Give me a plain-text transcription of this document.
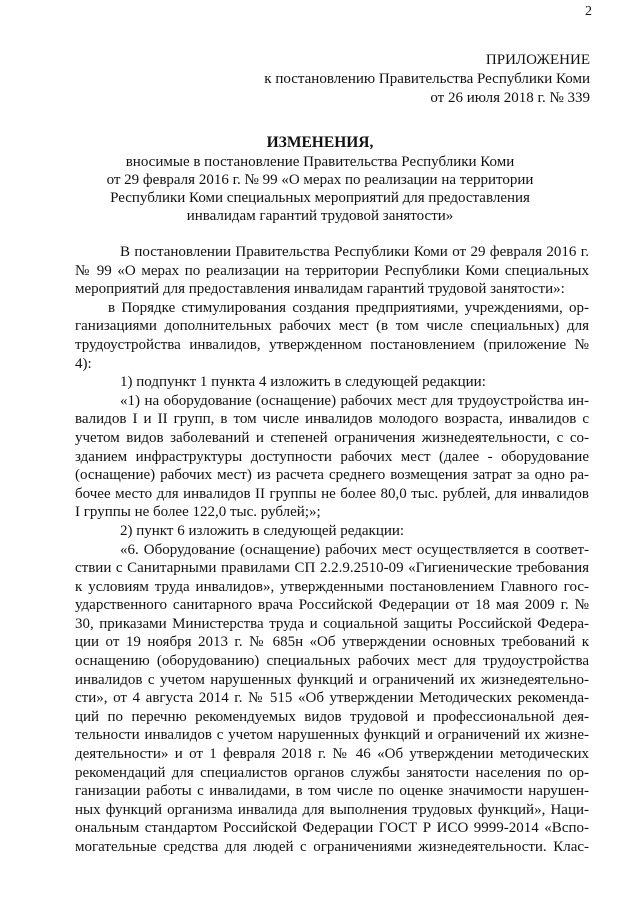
2
ПРИЛОЖЕНИЕ
к постановлению Правительства Республики Коми
от 26 июля 2018 г. № 339
ИЗМЕНЕНИЯ,
вносимые в постановление Правительства Республики Коми
от 29 февраля 2016 г. № 99 «О мерах по реализации на территории
Республики Коми специальных мероприятий для предоставления
инвалидам гарантий трудовой занятости»
В постановлении Правительства Республики Коми от 29 февраля 2016 г.
№ 99 «О мерах по реализации на территории Республики Коми специальных
мероприятий для предоставления инвалидам гарантий трудовой занятости»:
в Порядке стимулирования создания предприятиями, учреждениями, ор-
ганизациями дополнительных рабочих мест (в том числе специальных) для
трудоустройства инвалидов, утвержденном постановлением (приложение №
4):
1) подпункт 1 пункта 4 изложить в следующей редакции:
«1) на оборудование (оснащение) рабочих мест для трудоустройства ин-
валидов I и II групп, в том числе инвалидов молодого возраста, инвалидов с
учетом видов заболеваний и степеней ограничения жизнедеятельности, с со-
зданием инфраструктуры доступности рабочих мест (далее - оборудование
(оснащение) рабочих мест) из расчета среднего возмещения затрат за одно ра-
бочее место для инвалидов II группы не более 80,0 тыс. рублей, для инвалидов
I группы не более 122,0 тыс. рублей;»;
2) пункт 6 изложить в следующей редакции:
«6. Оборудование (оснащение) рабочих мест осуществляется в соответ-
ствии с Санитарными правилами СП 2.2.9.2510-09 «Гигиенические требования
к условиям труда инвалидов», утвержденными постановлением Главного гос-
ударственного санитарного врача Российской Федерации от 18 мая 2009 г. №
30, приказами Министерства труда и социальной защиты Российской Федера-
ции от 19 ноября 2013 г. № 685н «Об утверждении основных требований к
оснащению (оборудованию) специальных рабочих мест для трудоустройства
инвалидов с учетом нарушенных функций и ограничений их жизнедеятельно-
сти», от 4 августа 2014 г. № 515 «Об утверждении Методических рекоменда-
ций по перечню рекомендуемых видов трудовой и профессиональной дея-
тельности инвалидов с учетом нарушенных функций и ограничений их жизне-
деятельности» и от 1 февраля 2018 г. № 46 «Об утверждении методических
рекомендаций для специалистов органов службы занятости населения по ор-
ганизации работы с инвалидами, в том числе по оценке значимости нарушен-
ных функций организма инвалида для выполнения трудовых функций», Наци-
ональным стандартом Российской Федерации ГОСТ Р ИСО 9999-2014 «Вспо-
могательные средства для людей с ограничениями жизнедеятельности. Клас-
